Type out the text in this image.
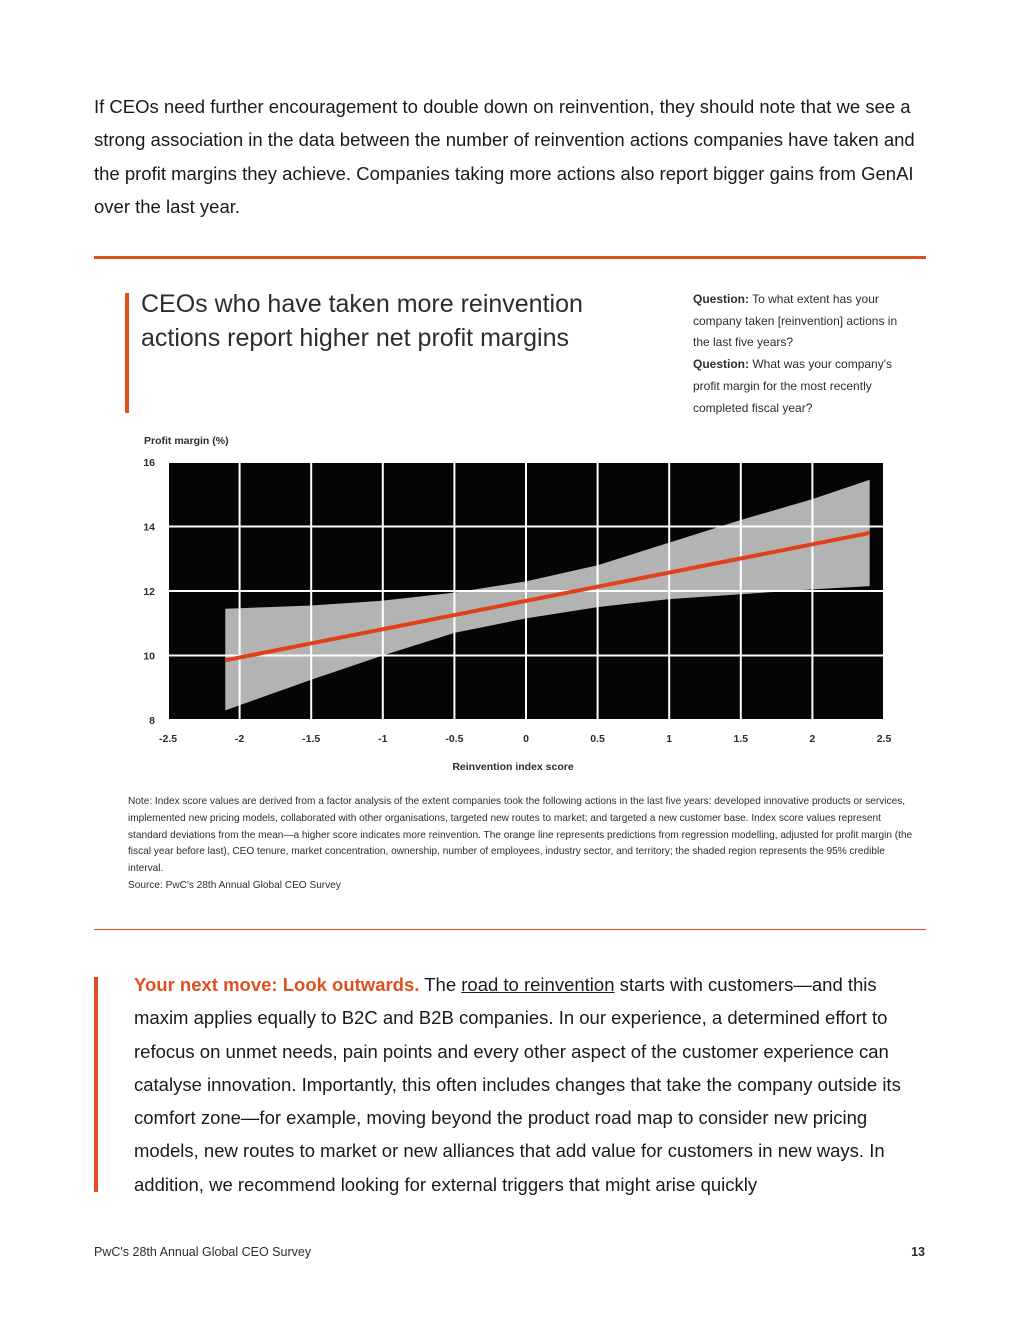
If CEOs need further encouragement to double down on reinvention, they should note that we see a strong association in the data between the number of reinvention actions companies have taken and the profit margins they achieve. Companies taking more actions also report bigger gains from GenAI over the last year.

CEOs who have taken more reinvention actions report higher net profit margins
Question: To what extent has your company taken [reinvention] actions in the last five years?
Question: What was your company's profit margin for the most recently completed fiscal year?
-2.5	-2	-1.5	-1	-0.5	0	0.5	1	1.5	2	2.5
8
10
12
14
16
Profit margin (%)
Reinvention index score

Note: Index score values are derived from a factor analysis of the extent companies took the following actions in the last five years: developed innovative products or services, implemented new pricing models, collaborated with other organisations, targeted new routes to market; and targeted a new customer base. Index score values represent standard deviations from the mean—a higher score indicates more reinvention. The orange line represents predictions from regression modelling, adjusted for profit margin (the fiscal year before last), CEO tenure, market concentration, ownership, number of employees, industry sector, and territory; the shaded region represents the 95% credible interval.
Source: PwC's 28th Annual Global CEO Survey

Your next move: Look outwards. The road to reinvention starts with customers—and this maxim applies equally to B2C and B2B companies. In our experience, a determined effort to refocus on unmet needs, pain points and every other aspect of the customer experience can catalyse innovation. Importantly, this often includes changes that take the company outside its comfort zone—for example, moving beyond the product road map to consider new pricing models, new routes to market or new alliances that add value for customers in new ways. In addition, we recommend looking for external triggers that might arise quickly

PwC's 28th Annual Global CEO Survey	13
